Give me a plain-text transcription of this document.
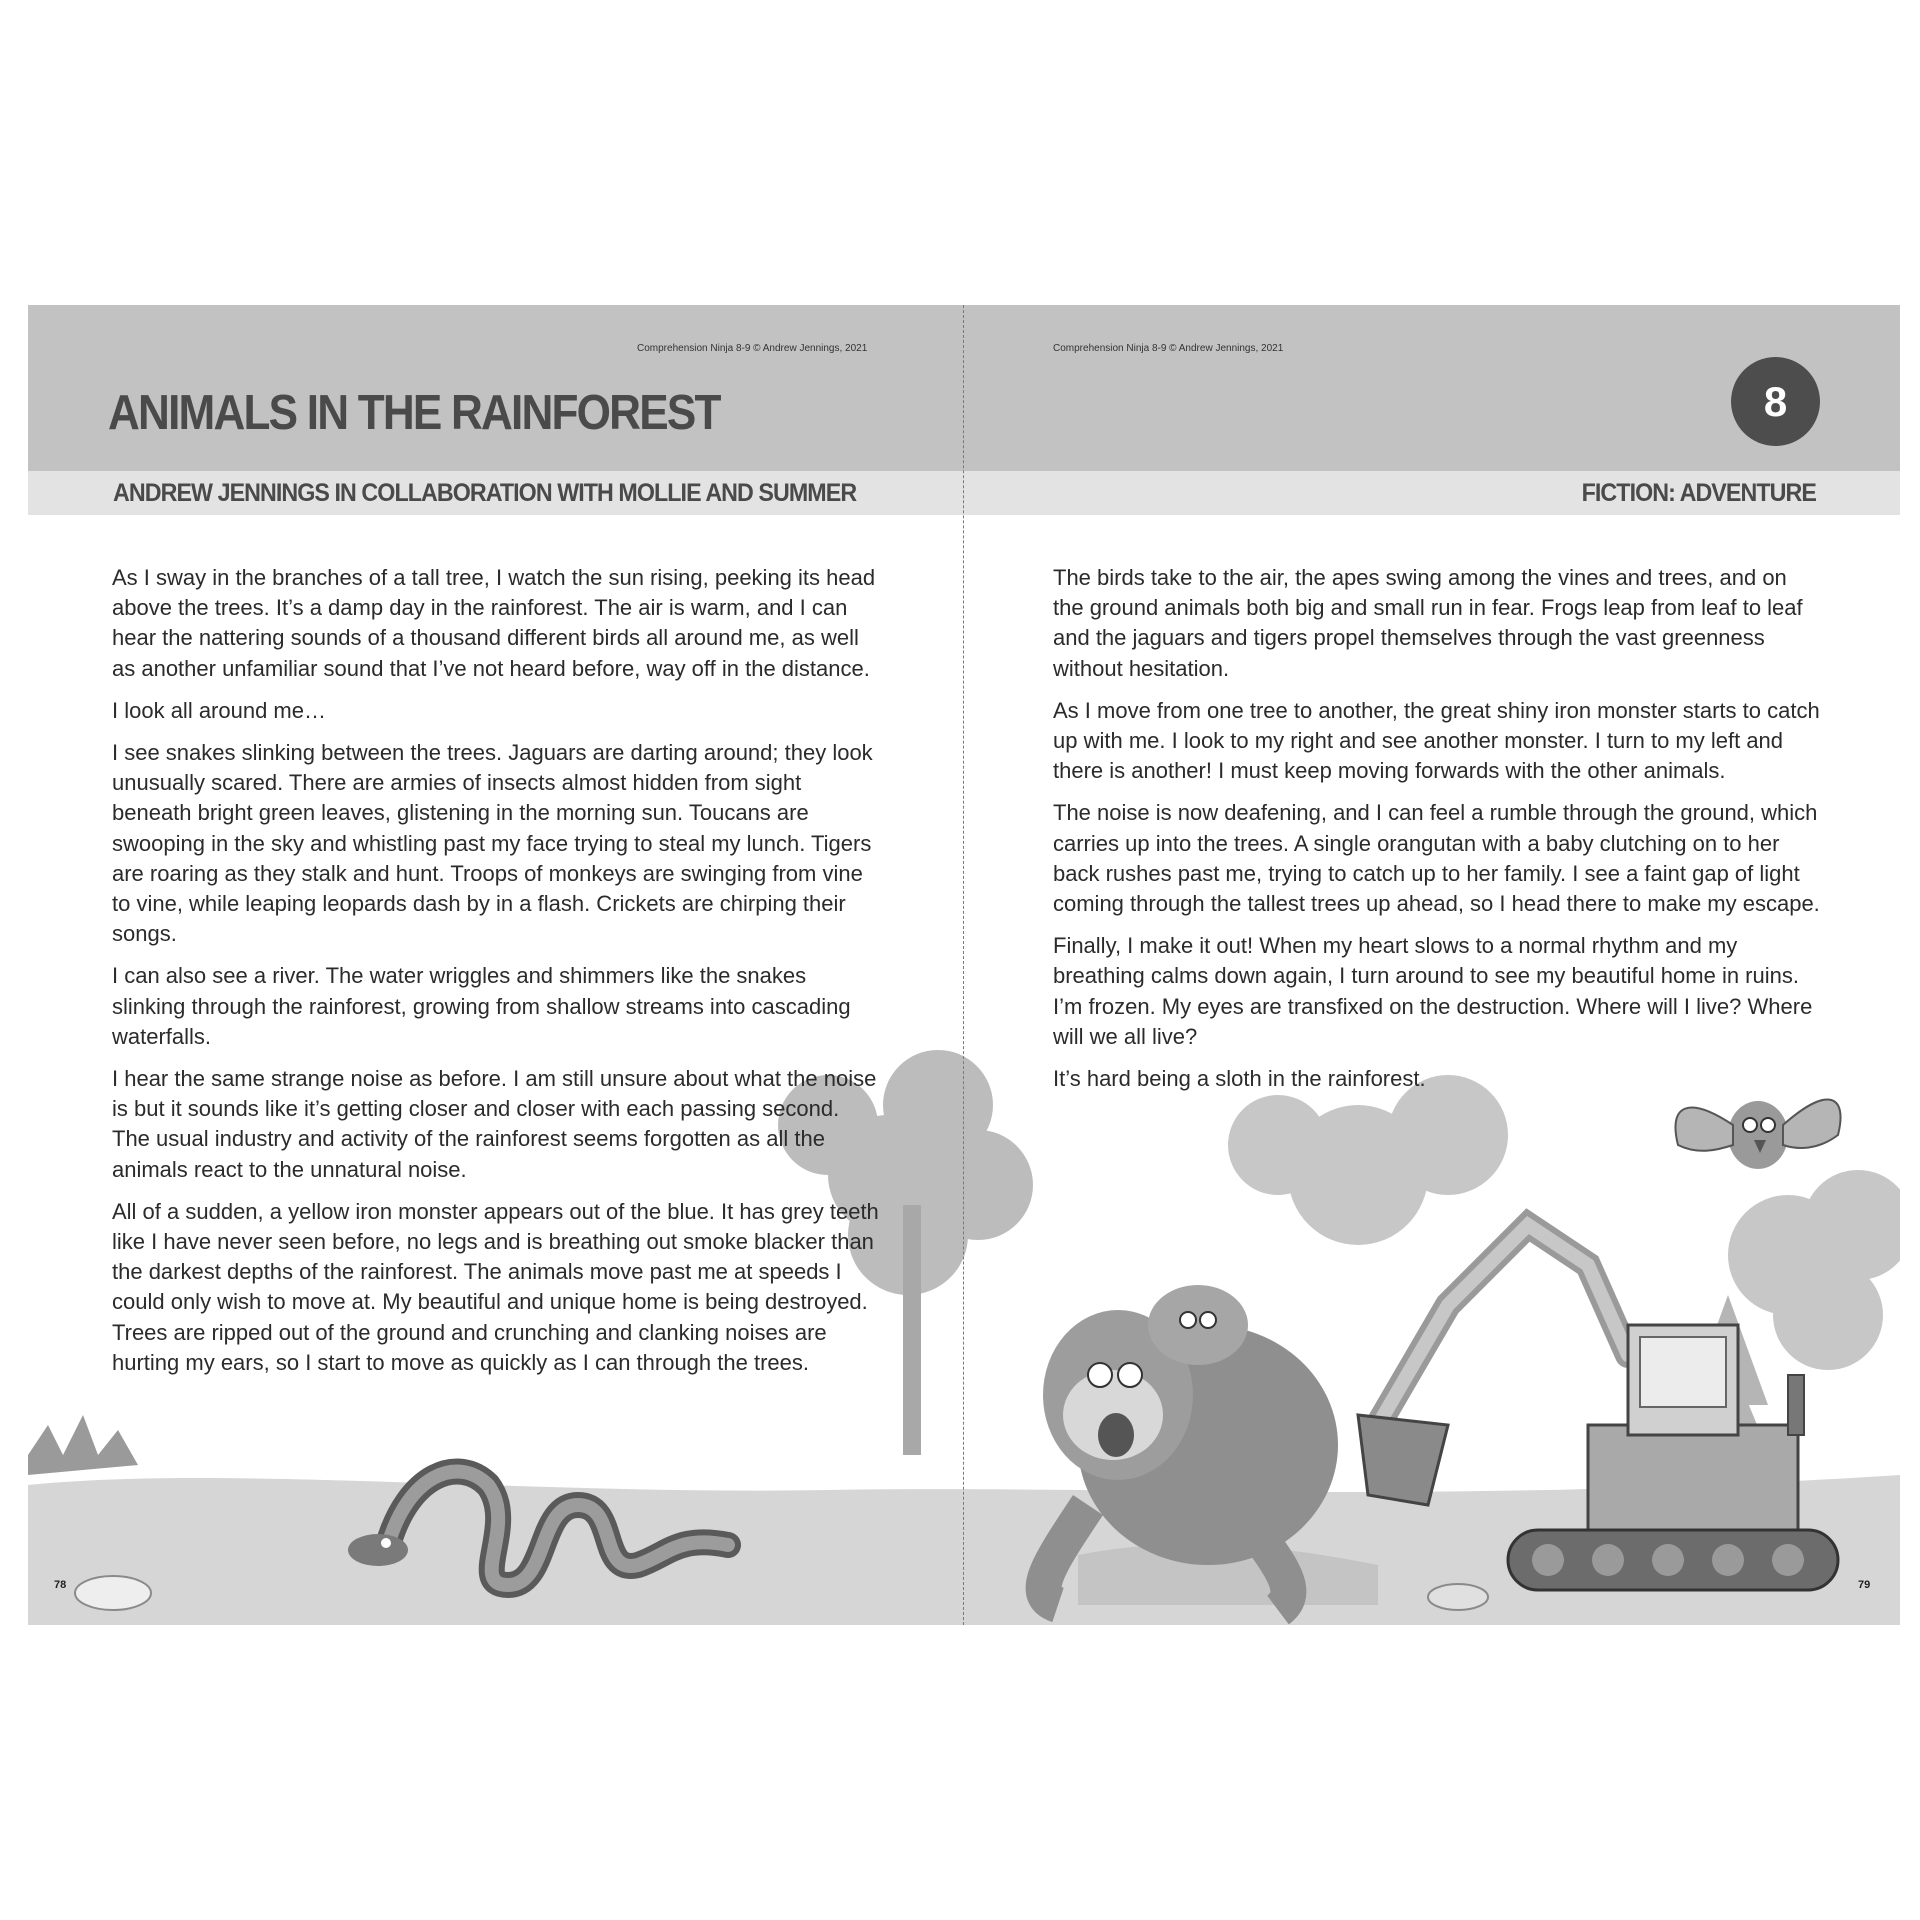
Comprehension Ninja 8-9 © Andrew Jennings, 2021	Comprehension Ninja 8-9 © Andrew Jennings, 2021
ANIMALS IN THE RAINFOREST	8
ANDREW JENNINGS IN COLLABORATION WITH MOLLIE AND SUMMER	FICTION: ADVENTURE

As I sway in the branches of a tall tree, I watch the sun rising, peeking its head above the trees. It’s a damp day in the rainforest. The air is warm, and I can hear the nattering sounds of a thousand different birds all around me, as well as another unfamiliar sound that I’ve not heard before, way off in the distance.

I look all around me…

I see snakes slinking between the trees. Jaguars are darting around; they look unusually scared. There are armies of insects almost hidden from sight beneath bright green leaves, glistening in the morning sun. Toucans are swooping in the sky and whistling past my face trying to steal my lunch. Tigers are roaring as they stalk and hunt. Troops of monkeys are swinging from vine to vine, while leaping leopards dash by in a flash. Crickets are chirping their songs.

I can also see a river. The water wriggles and shimmers like the snakes slinking through the rainforest, growing from shallow streams into cascading waterfalls.

I hear the same strange noise as before. I am still unsure about what the noise is but it sounds like it’s getting closer and closer with each passing second. The usual industry and activity of the rainforest seems forgotten as all the animals react to the unnatural noise.

All of a sudden, a yellow iron monster appears out of the blue. It has grey teeth like I have never seen before, no legs and is breathing out smoke blacker than the darkest depths of the rainforest. The animals move past me at speeds I could only wish to move at. My beautiful and unique home is being destroyed. Trees are ripped out of the ground and crunching and clanking noises are hurting my ears, so I start to move as quickly as I can through the trees.

The birds take to the air, the apes swing among the vines and trees, and on the ground animals both big and small run in fear. Frogs leap from leaf to leaf and the jaguars and tigers propel themselves through the vast greenness without hesitation.

As I move from one tree to another, the great shiny iron monster starts to catch up with me. I look to my right and see another monster. I turn to my left and there is another! I must keep moving forwards with the other animals.

The noise is now deafening, and I can feel a rumble through the ground, which carries up into the trees. A single orangutan with a baby clutching on to her back rushes past me, trying to catch up to her family. I see a faint gap of light coming through the tallest trees up ahead, so I head there to make my escape.

Finally, I make it out! When my heart slows to a normal rhythm and my breathing calms down again, I turn around to see my beautiful home in ruins. I’m frozen. My eyes are transfixed on the destruction. Where will I live? Where will we all live?

It’s hard being a sloth in the rainforest.

78	79
